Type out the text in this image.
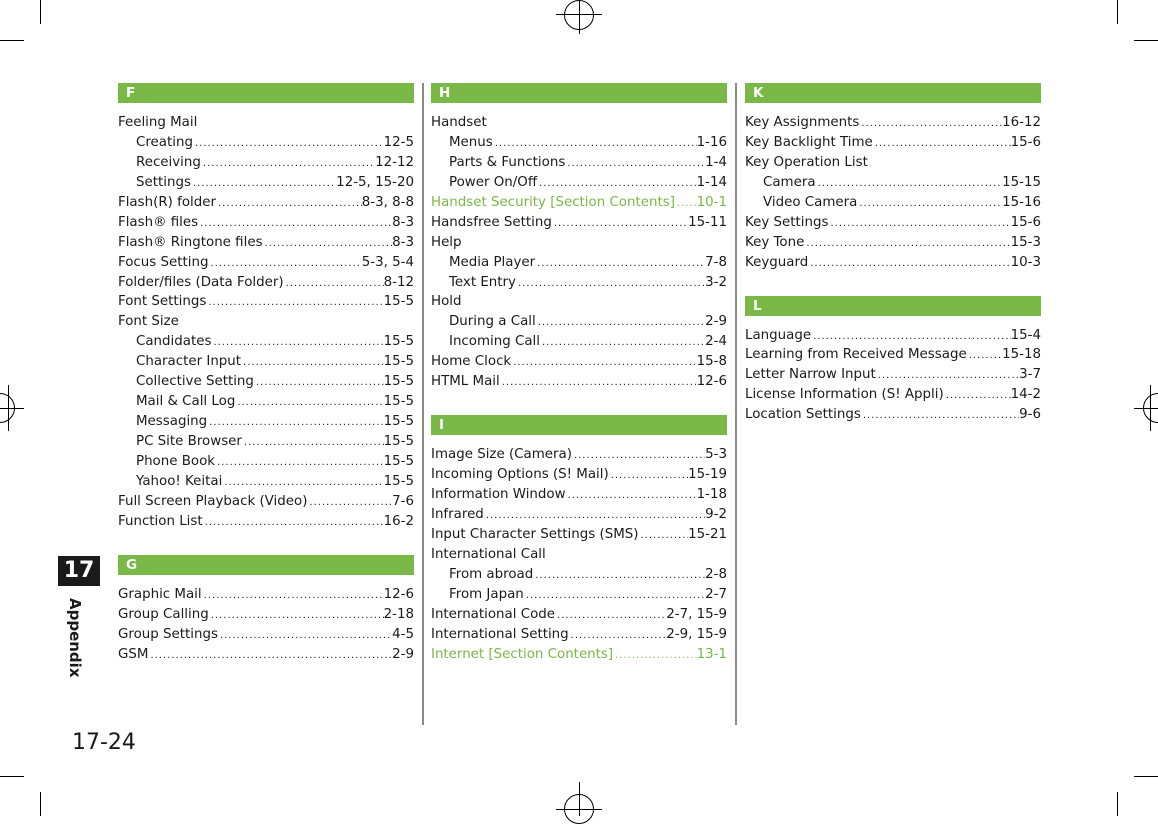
17
Appendix
F
Feeling Mail
Creating .....	12-5
Receiving .....	12-12
Settings .....	12-5, 15-20
Flash(R) folder .....	8-3, 8-8
Flash® files .....	8-3
Flash® Ringtone files .....	8-3
Focus Setting .....	5-3, 5-4
Folder/files (Data Folder) .....	8-12
Font Settings .....	15-5
Font Size
Candidates .....	15-5
Character Input .....	15-5
Collective Setting .....	15-5
Mail & Call Log .....	15-5
Messaging .....	15-5
PC Site Browser .....	15-5
Phone Book .....	15-5
Yahoo! Keitai .....	15-5
Full Screen Playback (Video) .....	7-6
Function List .....	16-2
G
Graphic Mail .....	12-6
Group Calling .....	2-18
Group Settings .....	4-5
GSM .....	2-9
H
Handset
Menus .....	1-16
Parts & Functions .....	1-4
Power On/Off .....	1-14
Handset Security [Section Contents] ..... 10-1
Handsfree Setting .....	15-11
Help
Media Player .....	7-8
Text Entry .....	3-2
Hold
During a Call .....	2-9
Incoming Call .....	2-4
Home Clock .....	15-8
HTML Mail .....	12-6
I
Image Size (Camera) .....	5-3
Incoming Options (S! Mail) .....	15-19
Information Window .....	1-18
Infrared .....	9-2
Input Character Settings (SMS) .....	15-21
International Call
From abroad .....	2-8
From Japan .....	2-7
International Code .....	2-7, 15-9
International Setting .....	2-9, 15-9
Internet [Section Contents] .....	13-1
K
Key Assignments .....	16-12
Key Backlight Time .....	15-6
Key Operation List
Camera .....	15-15
Video Camera .....	15-16
Key Settings .....	15-6
Key Tone .....	15-3
Keyguard .....	10-3
L
Language .....	15-4
Learning from Received Message .....	15-18
Letter Narrow Input .....	3-7
License Information (S! Appli) .....	14-2
Location Settings .....	9-6
17-24
